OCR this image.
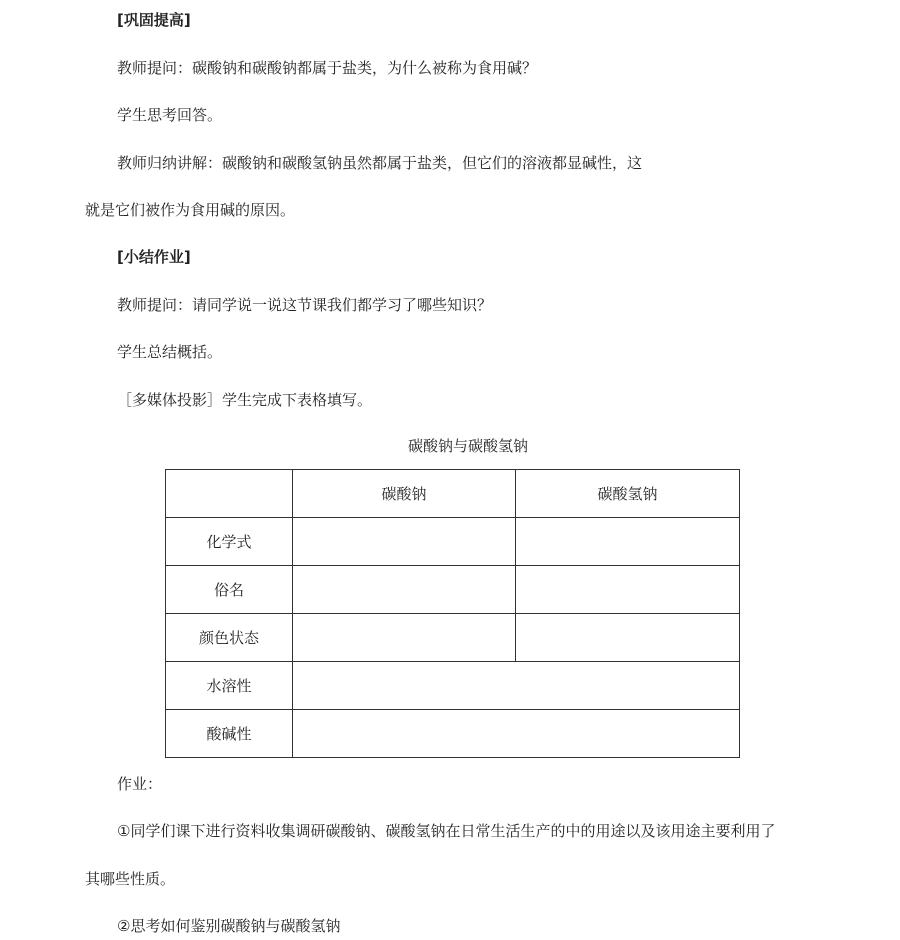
[巩固提高]
教师提问：碳酸钠和碳酸钠都属于盐类，为什么被称为食用碱？
学生思考回答。
教师归纳讲解：碳酸钠和碳酸氢钠虽然都属于盐类，但它们的溶液都显碱性，这
就是它们被作为食用碱的原因。
[小结作业]
教师提问：请同学说一说这节课我们都学习了哪些知识？
学生总结概括。
［多媒体投影］学生完成下表格填写。
碳酸钠与碳酸氢钠
	碳酸钠	碳酸氢钠
化学式		
俗名		
颜色状态		
水溶性		
酸碱性		
作业：
①同学们课下进行资料收集调研碳酸钠、碳酸氢钠在日常生活生产的中的用途以及该用途主要利用了
其哪些性质。
②思考如何鉴别碳酸钠与碳酸氢钠
